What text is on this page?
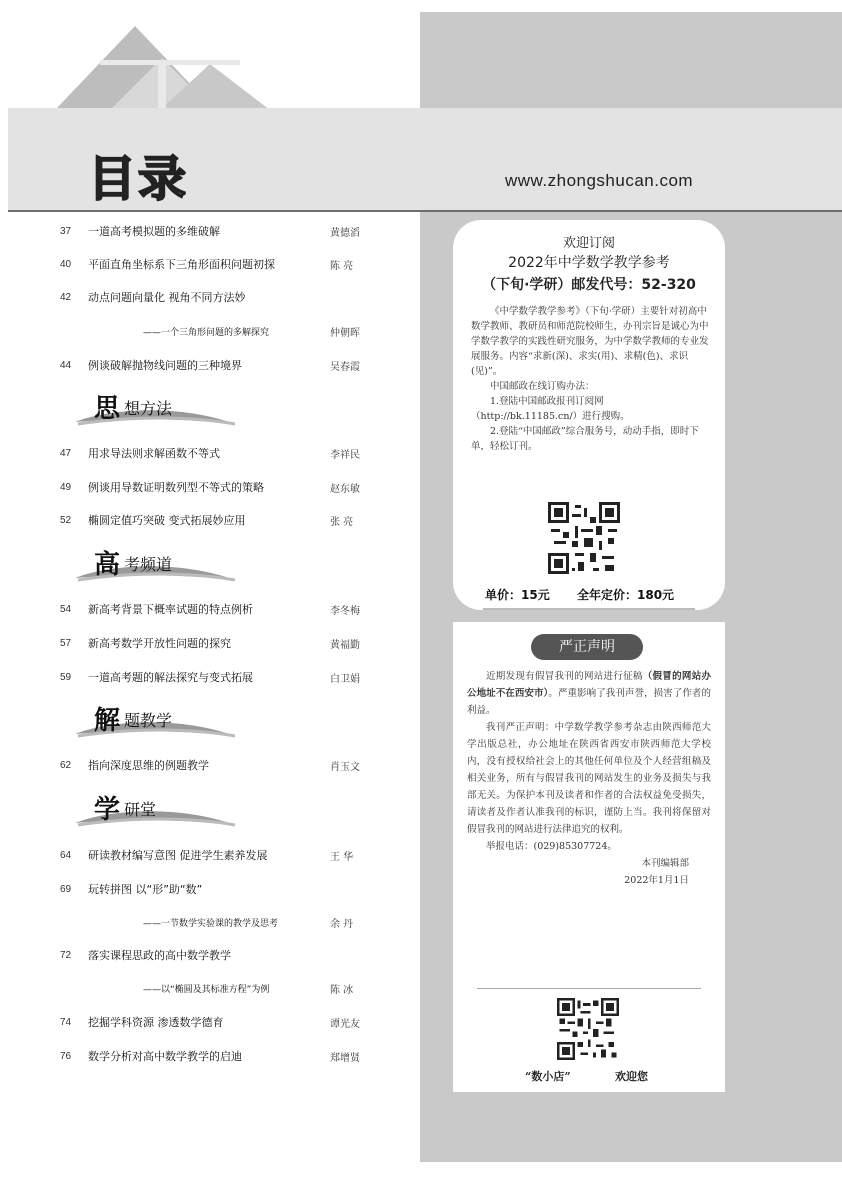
目录	www.zhongshucan.com
37	一道高考模拟题的多维破解	黄德滔
40	平面直角坐标系下三角形面积问题初探	陈 亮
42	动点问题向量化 视角不同方法妙
——一个三角形问题的多解探究	仲朝晖
44	例谈破解抛物线问题的三种境界	吴春霞
思 想方法
47	用求导法则求解函数不等式	李祥民
49	例谈用导数证明数列型不等式的策略	赵东敏
52	椭圆定值巧突破 变式拓展妙应用	张 亮
高 考频道
54	新高考背景下概率试题的特点例析	李冬梅
57	新高考数学开放性问题的探究	黄福勤
59	一道高考题的解法探究与变式拓展	白卫娟
解 题教学
62	指向深度思维的例题教学	肖玉文
学 研堂
64	研读教材编写意图 促进学生素养发展	王 华
69	玩转拼图 以“形”助“数”
——一节数学实验课的教学及思考	余 丹
72	落实课程思政的高中数学教学
——以“椭圆及其标准方程”为例	陈 冰
74	挖掘学科资源 渗透数学德育	谭光友
76	数学分析对高中数学教学的启迪	郑增贤
欢迎订阅
2022年中学数学教学参考
（下旬·学研）邮发代号：52-320
《中学数学教学参考》（下旬·学研）主要针对初高中数学教师、教研员和师范院校师生，办刊宗旨是诚心为中学数学教学的实践性研究服务，为中学数学教师的专业发展服务。内容“求新(深)、求实(用)、求精(色)、求识(见)”。
中国邮政在线订购办法：
1.登陆中国邮政报刊订阅网（http://bk.11185.cn/）进行搜购。
2.登陆“中国邮政”综合服务号，动动手指，即时下单，轻松订刊。
单价：15元 全年定价：180元
严正声明
近期发现有假冒我刊的网站进行征稿（假冒的网站办公地址不在西安市）。严重影响了我刊声誉，损害了作者的利益。
我刊严正声明：中学数学教学参考杂志由陕西师范大学出版总社，办公地址在陕西省西安市陕西师范大学校内，没有授权给社会上的其他任何单位及个人经营组稿及相关业务，所有与假冒我刊的网站发生的业务及损失与我部无关。为保护本刊及读者和作者的合法权益免受损失，请读者及作者认准我刊的标识，谨防上当。我刊将保留对假冒我刊的网站进行法律追究的权利。
举报电话：(029)85307724。
本刊编辑部
2022年1月1日
“数小店”	欢迎您
